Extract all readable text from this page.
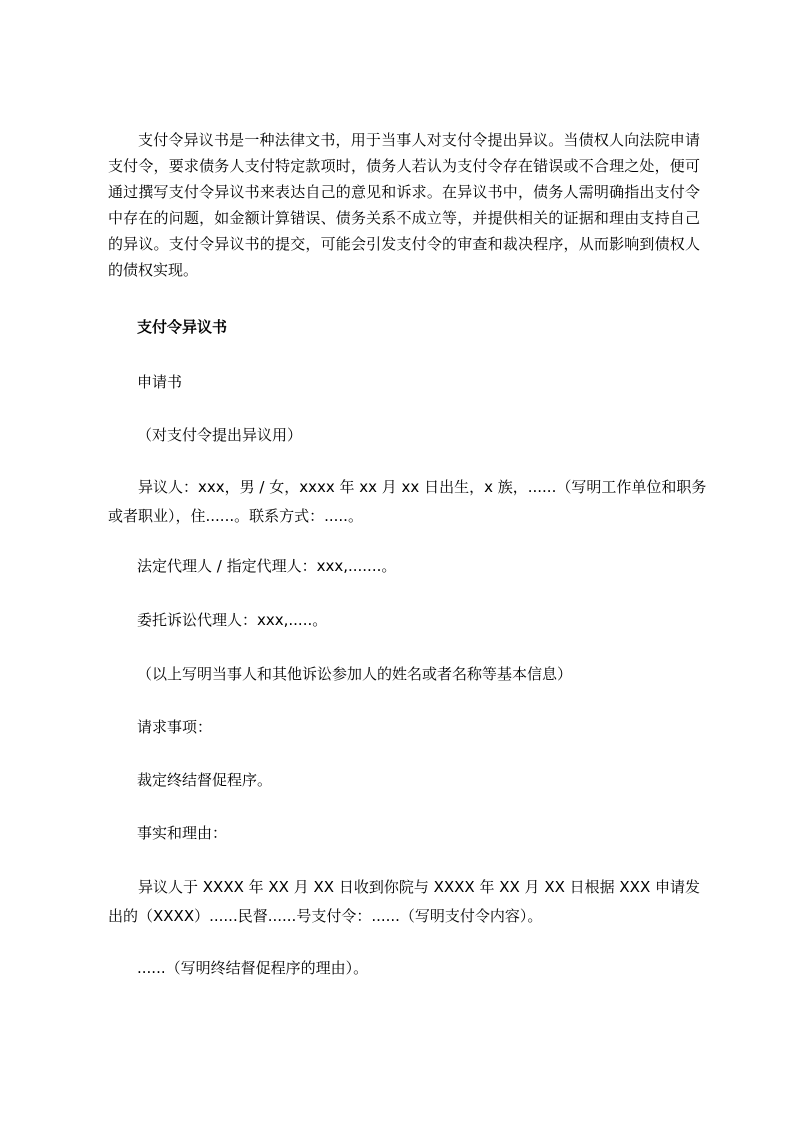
支付令异议书是一种法律文书，用于当事人对支付令提出异议。当债权人向法院申请支付令，要求债务人支付特定款项时，债务人若认为支付令存在错误或不合理之处，便可通过撰写支付令异议书来表达自己的意见和诉求。在异议书中，债务人需明确指出支付令中存在的问题，如金额计算错误、债务关系不成立等，并提供相关的证据和理由支持自己的异议。支付令异议书的提交，可能会引发支付令的审查和裁决程序，从而影响到债权人的债权实现。

支付令异议书

申请书

（对支付令提出异议用）

异议人：xxx，男 / 女，xxxx 年 xx 月 xx 日出生，x 族，......（写明工作单位和职务或者职业），住......。联系方式：.....。

法定代理人 / 指定代理人：xxx,.......。

委托诉讼代理人：xxx,.....。

（以上写明当事人和其他诉讼参加人的姓名或者名称等基本信息）

请求事项：

裁定终结督促程序。

事实和理由：

异议人于 XXXX 年 XX 月 XX 日收到你院与 XXXX 年 XX 月 XX 日根据 XXX 申请发出的（XXXX）......民督......号支付令：......（写明支付令内容）。

......（写明终结督促程序的理由）。
